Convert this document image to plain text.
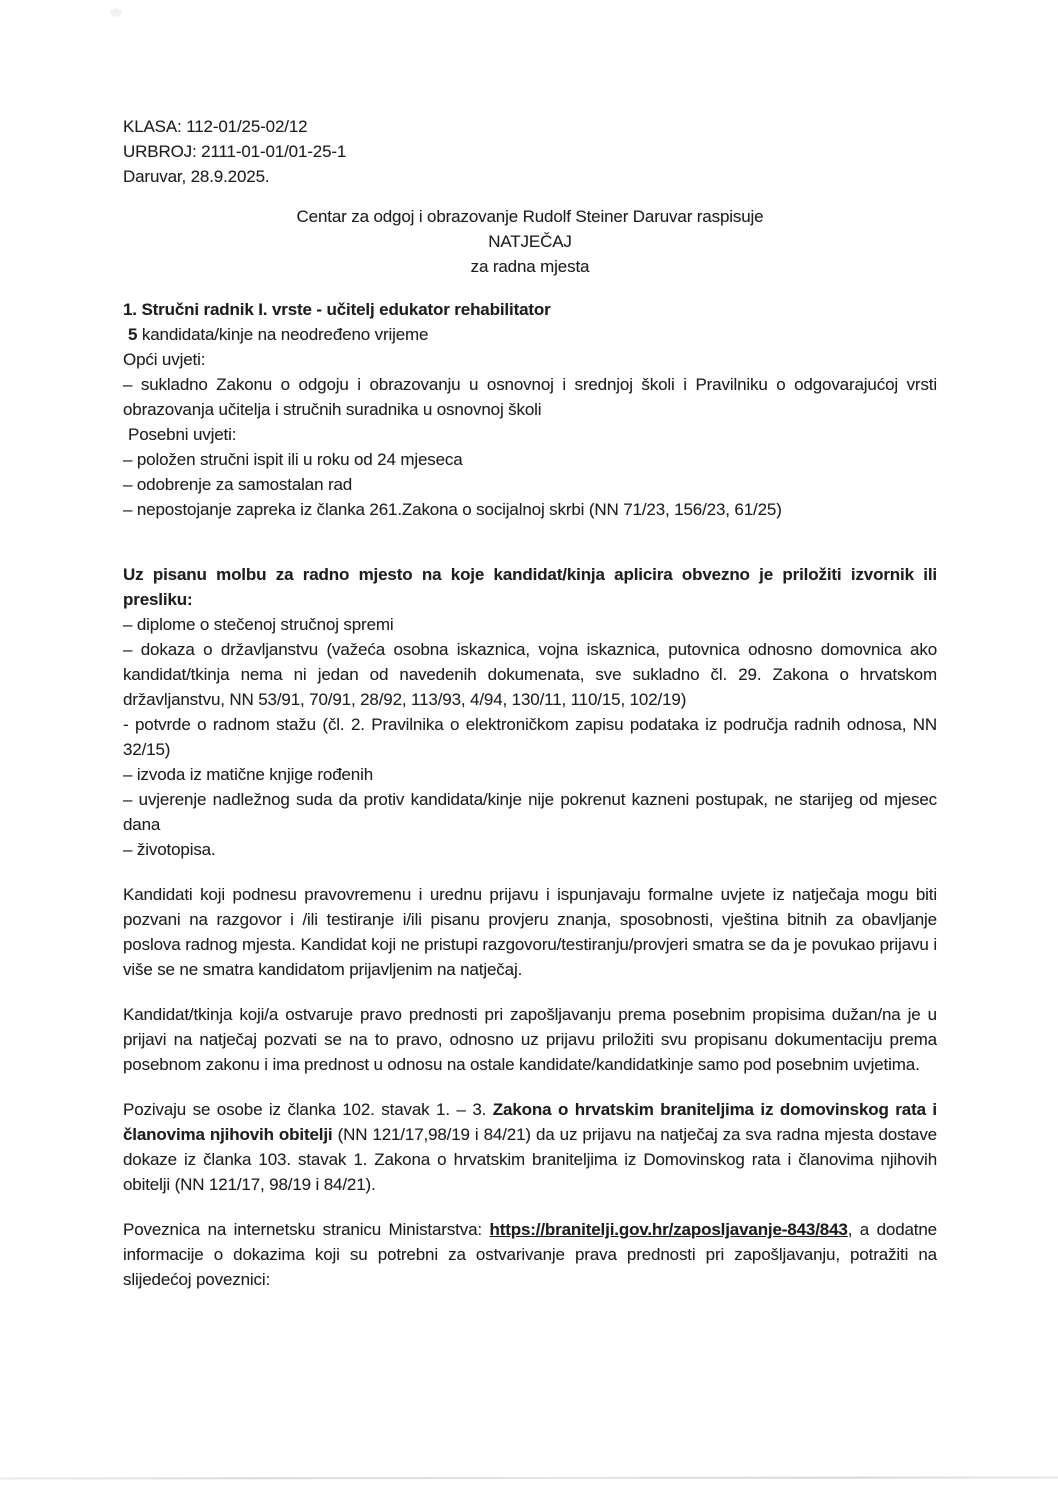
KLASA: 112-01/25-02/12
URBROJ: 2111-01-01/01-25-1
Daruvar, 28.9.2025.
Centar za odgoj i obrazovanje Rudolf Steiner Daruvar raspisuje
NATJEČAJ
za radna mjesta
1. Stručni radnik I. vrste - učitelj edukator rehabilitator
5 kandidata/kinje na neodređeno vrijeme
Opći uvjeti:
– sukladno Zakonu o odgoju i obrazovanju u osnovnoj i srednjoj školi i Pravilniku o odgovarajućoj vrsti obrazovanja učitelja i stručnih suradnika u osnovnoj školi
Posebni uvjeti:
– položen stručni ispit ili u roku od 24 mjeseca
– odobrenje za samostalan rad
– nepostojanje zapreka iz članka 261.Zakona o socijalnoj skrbi (NN 71/23, 156/23, 61/25)
Uz pisanu molbu za radno mjesto na koje kandidat/kinja aplicira obvezno je priložiti izvornik ili presliku:
– diplome o stečenoj stručnoj spremi
– dokaza o državljanstvu (važeća osobna iskaznica, vojna iskaznica, putovnica odnosno domovnica ako kandidat/tkinja nema ni jedan od navedenih dokumenata, sve sukladno čl. 29. Zakona o hrvatskom državljanstvu, NN 53/91, 70/91, 28/92, 113/93, 4/94, 130/11, 110/15, 102/19)
- potvrde o radnom stažu (čl. 2. Pravilnika o elektroničkom zapisu podataka iz područja radnih odnosa, NN 32/15)
– izvoda iz matične knjige rođenih
– uvjerenje nadležnog suda da protiv kandidata/kinje nije pokrenut kazneni postupak, ne starijeg od mjesec dana
– životopisa.

Kandidati koji podnesu pravovremenu i urednu prijavu i ispunjavaju formalne uvjete iz natječaja mogu biti pozvani na razgovor i /ili testiranje i/ili pisanu provjeru znanja, sposobnosti, vještina bitnih za obavljanje poslova radnog mjesta. Kandidat koji ne pristupi razgovoru/testiranju/provjeri smatra se da je povukao prijavu i više se ne smatra kandidatom prijavljenim na natječaj.

Kandidat/tkinja koji/a ostvaruje pravo prednosti pri zapošljavanju prema posebnim propisima dužan/na je u prijavi na natječaj pozvati se na to pravo, odnosno uz prijavu priložiti svu propisanu dokumentaciju prema posebnom zakonu i ima prednost u odnosu na ostale kandidate/kandidatkinje samo pod posebnim uvjetima.

Pozivaju se osobe iz članka 102. stavak 1. – 3. Zakona o hrvatskim braniteljima iz domovinskog rata i članovima njihovih obitelji (NN 121/17,98/19 i 84/21) da uz prijavu na natječaj za sva radna mjesta dostave dokaze iz članka 103. stavak 1. Zakona o hrvatskim braniteljima iz Domovinskog rata i članovima njihovih obitelji (NN 121/17, 98/19 i 84/21).

Poveznica na internetsku stranicu Ministarstva: https://branitelji.gov.hr/zaposljavanje-843/843, a dodatne informacije o dokazima koji su potrebni za ostvarivanje prava prednosti pri zapošljavanju, potražiti na slijedećoj poveznici:
